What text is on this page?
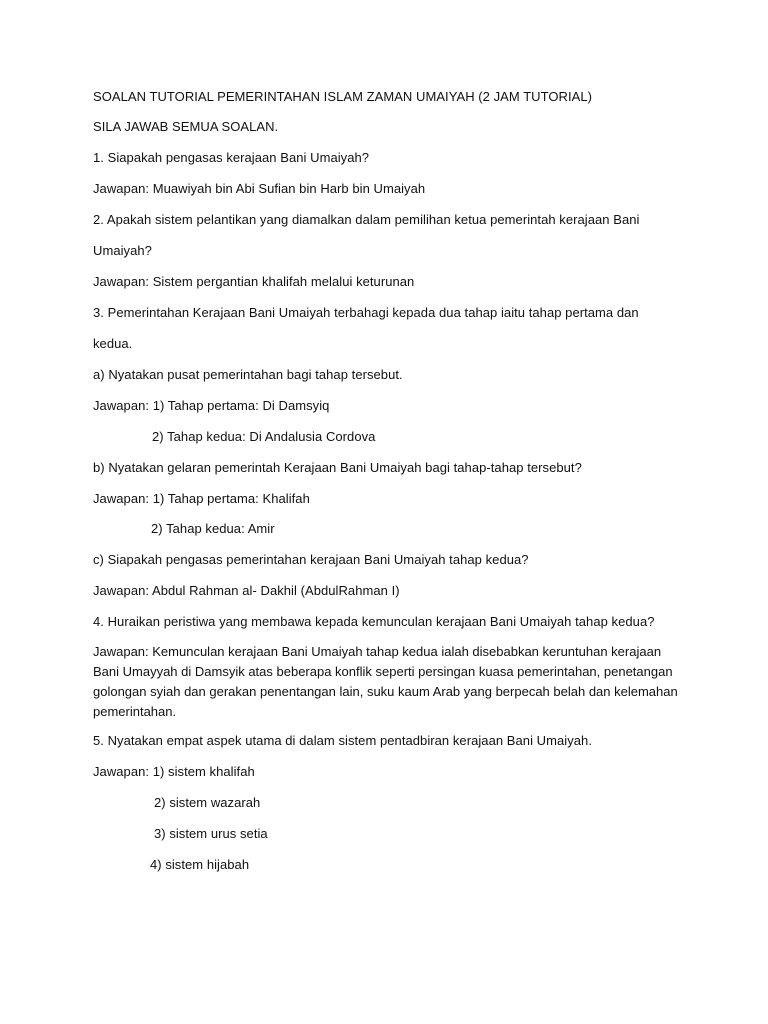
SOALAN TUTORIAL PEMERINTAHAN ISLAM ZAMAN UMAIYAH (2 JAM TUTORIAL)
SILA JAWAB SEMUA SOALAN.
1. Siapakah pengasas kerajaan Bani Umaiyah?
Jawapan: Muawiyah bin Abi Sufian bin Harb bin Umaiyah
2. Apakah sistem pelantikan yang diamalkan dalam pemilihan ketua pemerintah kerajaan Bani
Umaiyah?
Jawapan: Sistem pergantian khalifah melalui keturunan
3. Pemerintahan Kerajaan Bani Umaiyah terbahagi kepada dua tahap iaitu tahap pertama dan
kedua.
a) Nyatakan pusat pemerintahan bagi tahap tersebut.
Jawapan: 1) Tahap pertama: Di Damsyiq
2) Tahap kedua: Di Andalusia Cordova
b) Nyatakan gelaran pemerintah Kerajaan Bani Umaiyah bagi tahap-tahap tersebut?
Jawapan: 1) Tahap pertama: Khalifah
2) Tahap kedua: Amir
c) Siapakah pengasas pemerintahan kerajaan Bani Umaiyah tahap kedua?
Jawapan: Abdul Rahman al- Dakhil (AbdulRahman I)
4. Huraikan peristiwa yang membawa kepada kemunculan kerajaan Bani Umaiyah tahap kedua?
Jawapan: Kemunculan kerajaan Bani Umaiyah tahap kedua ialah disebabkan keruntuhan kerajaan Bani Umayyah di Damsyik atas beberapa konflik seperti persingan kuasa pemerintahan, penetangan golongan syiah dan gerakan penentangan lain, suku kaum Arab yang berpecah belah dan kelemahan pemerintahan.
5. Nyatakan empat aspek utama di dalam sistem pentadbiran kerajaan Bani Umaiyah.
Jawapan: 1) sistem khalifah
2) sistem wazarah
3) sistem urus setia
4) sistem hijabah
